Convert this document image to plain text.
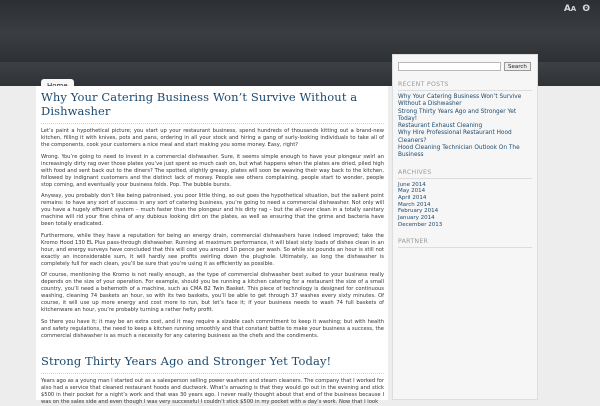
AA ʘ
Why Your Catering Business Won’t Survive Without a Dishwasher

Let’s paint a hypothetical picture; you start up your restaurant business, spend hundreds of thousands kitting out a brand-new kitchen, filling it with knives, pots and pans, ordering in all your stock and hiring a gang of surly-looking individuals to take all of the components, cook your customers a nice meal and start making you some money. Easy, right?

Wrong. You’re going to need to invest in a commercial dishwasher. Sure, it seems simple enough to have your plongeur swirl an increasingly dirty rag over those plates you’ve just spent so much cash on, but what happens when the plates are dried, piled high with food and sent back out to the diners? The spotted, slightly greasy, plates will soon be weaving their way back to the kitchen, followed by indignant customers and the distinct lack of money. People see others complaining, people start to wonder, people stop coming, and eventually your business folds. Pop. The bubble bursts.

Anyway, you probably don’t like being patronised, you poor little thing, so out goes the hypothetical situation, but the salient point remains: to have any sort of success in any sort of catering business, you’re going to need a commercial dishwasher. Not only will you have a hugely efficient system – much faster than the plongeur and his dirty rag – but the all-over clean in a totally sanitary machine will rid your fine china of any dubious looking dirt on the plates, as well as ensuring that the grime and bacteria have been totally eradicated.

Furthermore, while they have a reputation for being an energy drain, commercial dishwashers have indeed improved; take the Kromo Hood 130 EL Plus pass-through dishwasher. Running at maximum performance, it will blast sixty loads of dishes clean in an hour, and energy surveys have concluded that this will cost you around 10 pence per wash. So while six pounds an hour is still not exactly an inconsiderable sum, it will hardly see profits swirling down the plughole. Ultimately, as long the dishwasher is completely full for each clean, you’ll be sure that you’re using it as efficiently as possible.

Of course, mentioning the Kromo is not really enough, as the type of commercial dishwasher best suited to your business really depends on the size of your operation. For example, should you be running a kitchen catering for a restaurant the size of a small country, you’ll need a behemoth of a machine, such as CMA B2 Twin Basket. This piece of technology is designed for continuous washing, cleaning 74 baskets an hour, so with its two baskets, you’ll be able to get through 37 washes every sixty minutes. Of course, it will use up more energy and cost more to run, but let’s face it; if your business needs to wash 74 full baskets of kitchenware an hour, you’re probably turning a rather hefty profit.

So there you have it; it may be an extra cost, and it may require a sizable cash commitment to keep it washing; but with health and safety regulations, the need to keep a kitchen running smoothly and that constant battle to make your business a success, the commercial dishwasher is as much a necessity for any catering business as the chefs and the condiments.

Strong Thirty Years Ago and Stronger Yet Today!

Years ago as a young man I started out as a salesperson selling power washers and steam cleaners. The company that I worked for also had a service that cleaned restaurant hoods and ductwork. What’s amazing is that they would go out in the evening and stick $500 in their pocket for a night’s work and that was 30 years ago. I never really thought about that end of the business because I was on the sales side and even though I was very successful I couldn’t stick $500 in my pocket with a day’s work. Now that I look

Search
RECENT POSTS
Why Your Catering Business Won’t Survive Without a Dishwasher
Strong Thirty Years Ago and Stronger Yet Today!
Restaurant Exhaust Cleaning
Why Hire Professional Restaurant Hood Cleaners?
Hood Cleaning Technician Outlook On The Business
ARCHIVES
June 2014
May 2014
April 2014
March 2014
February 2014
January 2014
December 2013
PARTNER
